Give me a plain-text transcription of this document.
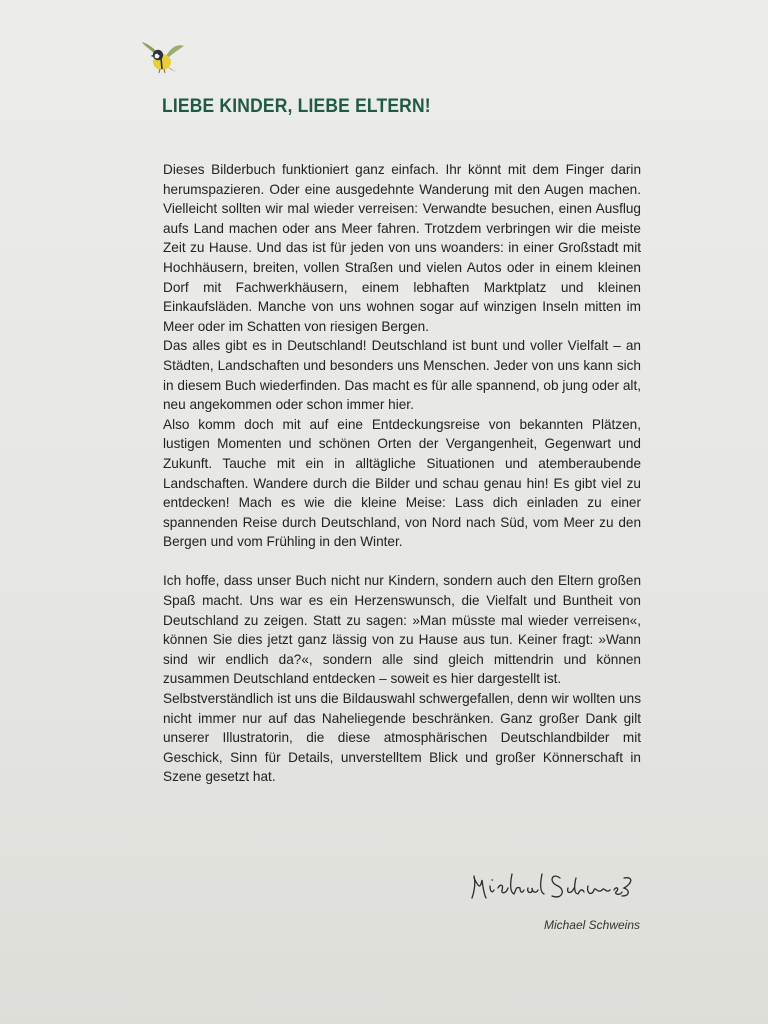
LIEBE KINDER, LIEBE ELTERN!

Dieses Bilderbuch funktioniert ganz einfach. Ihr könnt mit dem Finger darin herumspazieren. Oder eine ausgedehnte Wanderung mit den Augen machen. Vielleicht sollten wir mal wieder verreisen: Verwandte besuchen, einen Ausflug aufs Land machen oder ans Meer fahren. Trotzdem verbringen wir die meiste Zeit zu Hause. Und das ist für jeden von uns woanders: in einer Großstadt mit Hochhäusern, breiten, vollen Straßen und vielen Autos oder in einem kleinen Dorf mit Fachwerkhäusern, einem lebhaften Marktplatz und kleinen Einkaufsläden. Manche von uns wohnen sogar auf winzigen Inseln mitten im Meer oder im Schatten von riesigen Bergen.

Das alles gibt es in Deutschland! Deutschland ist bunt und voller Vielfalt – an Städten, Landschaften und besonders uns Menschen. Jeder von uns kann sich in diesem Buch wiederfinden. Das macht es für alle spannend, ob jung oder alt, neu angekommen oder schon immer hier.

Also komm doch mit auf eine Entdeckungsreise von bekannten Plätzen, lustigen Momenten und schönen Orten der Vergangenheit, Gegenwart und Zukunft. Tauche mit ein in alltägliche Situationen und atemberaubende Landschaften. Wandere durch die Bilder und schau genau hin! Es gibt viel zu entdecken! Mach es wie die kleine Meise: Lass dich einladen zu einer spannenden Reise durch Deutschland, von Nord nach Süd, vom Meer zu den Bergen und vom Frühling in den Winter.

Ich hoffe, dass unser Buch nicht nur Kindern, sondern auch den Eltern großen Spaß macht. Uns war es ein Herzenswunsch, die Vielfalt und Buntheit von Deutschland zu zeigen. Statt zu sagen: »Man müsste mal wieder verreisen«, können Sie dies jetzt ganz lässig von zu Hause aus tun. Keiner fragt: »Wann sind wir endlich da?«, sondern alle sind gleich mittendrin und können zusammen Deutschland entdecken – soweit es hier dargestellt ist.

Selbstverständlich ist uns die Bildauswahl schwergefallen, denn wir wollten uns nicht immer nur auf das Naheliegende beschränken. Ganz großer Dank gilt unserer Illustratorin, die diese atmosphärischen Deutschlandbilder mit Geschick, Sinn für Details, unverstelltem Blick und großer Könnerschaft in Szene gesetzt hat.

Michael Schweins
